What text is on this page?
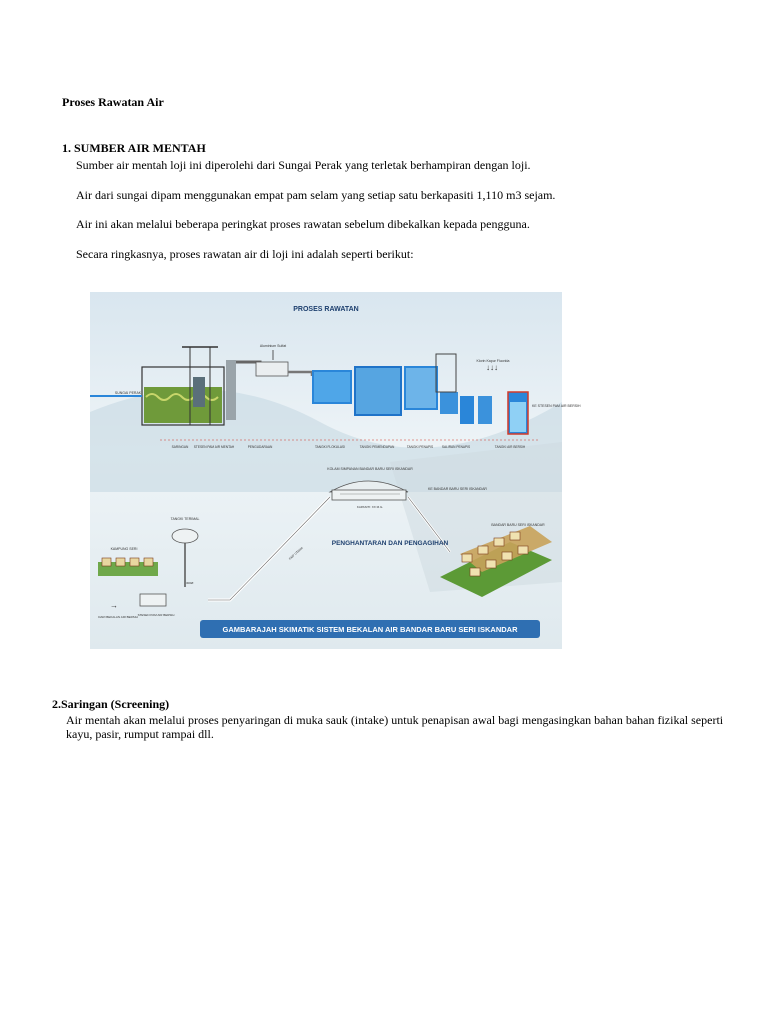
Proses Rawatan Air
1. SUMBER AIR MENTAH
Sumber air mentah loji ini diperolehi dari Sungai Perak yang terletak berhampiran dengan loji.
Air dari sungai dipam menggunakan empat pam selam yang setiap satu berkapasiti 1,110 m3 sejam.
Air ini akan melalui beberapa peringkat proses rawatan sebelum dibekalkan kepada pengguna.
Secara ringkasnya, proses rawatan air di loji ini adalah seperti berikut:
PROSES RAWATAN
SUNGAI PERAK
Aluminium Sulfat
Klorin Kapur Fluorida
↓↓↓
KE STESEN PAM AIR BERSIH
SARINGAN STESEN PAM AIR MENTAH	PENGUDARAAN	TANGKI FLOKULASI	TANGKI PEMENDAPAN	TANGKI PENAPIS	SALIRAN PENAPIS	TANGKI AIR BERSIH
KOLAM SIMPANAN BANDAR BARU SERI ISKANDAR
KAPASITI: XX M.G.
KE BANDAR BARU SERI ISKANDAR
PAIP UTAMA
300Ø
PENGHANTARAN DAN PENGAGIHAN
TANGKI TERIMAL
KAMPUNG SERI
BANDAR BARU SERI ISKANDAR
STESEN PAM AIR BERSIH
→
DARI BEKALAN AIR BERSIH
GAMBARAJAH SKIMATIK SISTEM BEKALAN AIR BANDAR BARU SERI ISKANDAR
2.Saringan (Screening)
Air mentah akan melalui proses penyaringan di muka sauk (intake) untuk penapisan awal bagi mengasingkan bahan bahan fizikal seperti kayu, pasir, rumput rampai dll.
